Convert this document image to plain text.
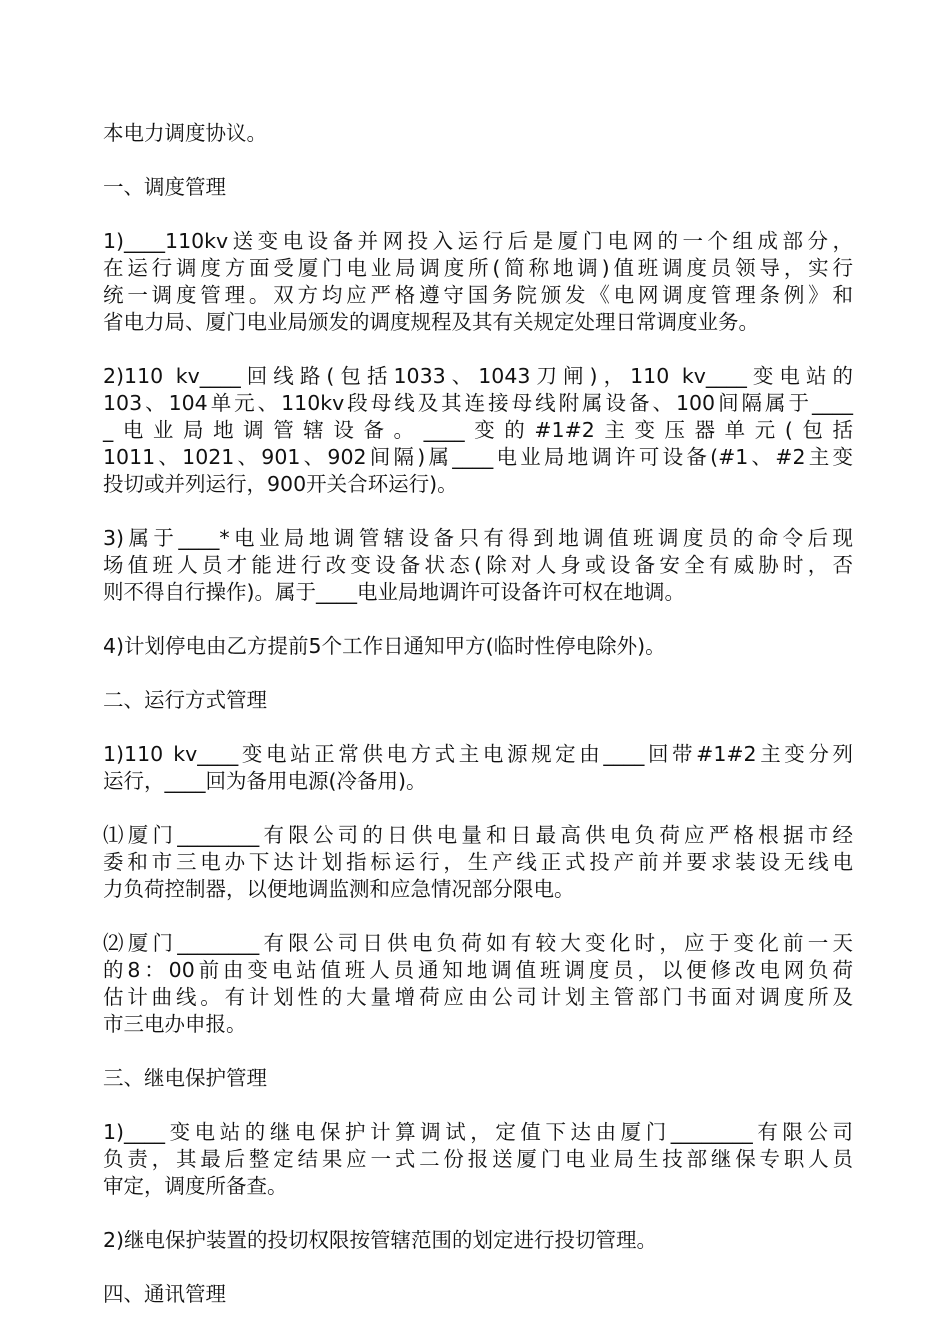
本电力调度协议。

一、调度管理

1)____110kv送变电设备并网投入运行后是厦门电网的一个组成部分，
在运行调度方面受厦门电业局调度所(简称地调)值班调度员领导，实行
统一调度管理。双方均应严格遵守国务院颁发《电网调度管理条例》和
省电力局、厦门电业局颁发的调度规程及其有关规定处理日常调度业务。

2)110 kv____回线路(包括1033、1043刀闸)，110 kv____变电站的
103、104单元、110kv段母线及其连接母线附属设备、100间隔属于____
_电业局地调管辖设备。____变的#1#2主变压器单元(包括
1011、1021、901、902间隔)属____电业局地调许可设备(#1、#2主变
投切或并列运行，900开关合环运行)。

3)属于____*电业局地调管辖设备只有得到地调值班调度员的命令后现
场值班人员才能进行改变设备状态(除对人身或设备安全有威胁时，否
则不得自行操作)。属于____电业局地调许可设备许可权在地调。

4)计划停电由乙方提前5个工作日通知甲方(临时性停电除外)。

二、运行方式管理

1)110 kv____变电站正常供电方式主电源规定由____回带#1#2主变分列
运行，____回为备用电源(冷备用)。

⑴厦门________有限公司的日供电量和日最高供电负荷应严格根据市经
委和市三电办下达计划指标运行，生产线正式投产前并要求装设无线电
力负荷控制器，以便地调监测和应急情况部分限电。

⑵厦门________有限公司日供电负荷如有较大变化时，应于变化前一天
的8：00前由变电站值班人员通知地调值班调度员，以便修改电网负荷
估计曲线。有计划性的大量增荷应由公司计划主管部门书面对调度所及
市三电办申报。

三、继电保护管理

1)____变电站的继电保护计算调试，定值下达由厦门________有限公司
负责，其最后整定结果应一式二份报送厦门电业局生技部继保专职人员
审定，调度所备查。

2)继电保护装置的投切权限按管辖范围的划定进行投切管理。

四、通讯管理
